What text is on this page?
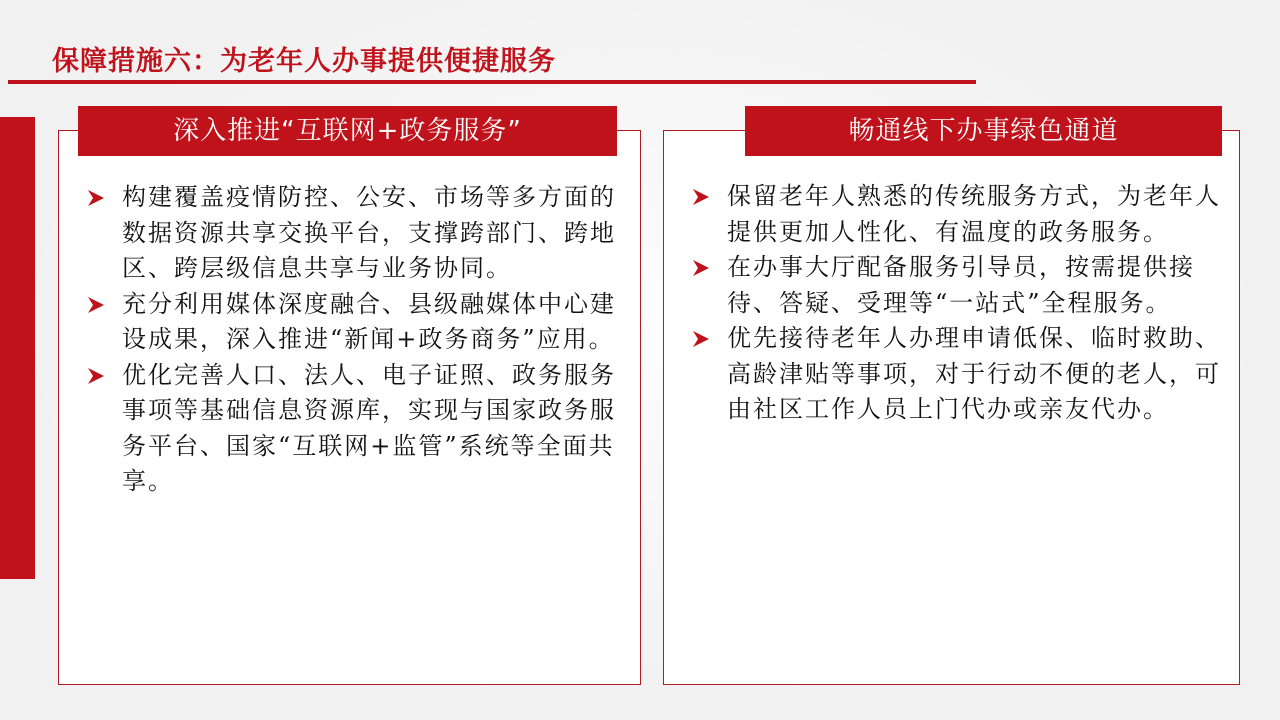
保障措施六：为老年人办事提供便捷服务
深入推进“互联网+政务服务”	畅通线下办事绿色通道
构建覆盖疫情防控、公安、市场等多方面的数据资源共享交换平台，支撑跨部门、跨地区、跨层级信息共享与业务协同。
充分利用媒体深度融合、县级融媒体中心建设成果，深入推进“新闻+政务商务”应用。
优化完善人口、法人、电子证照、政务服务事项等基础信息资源库，实现与国家政务服务平台、国家“互联网+监管”系统等全面共享。
保留老年人熟悉的传统服务方式，为老年人提供更加人性化、有温度的政务服务。
在办事大厅配备服务引导员，按需提供接待、答疑、受理等“一站式”全程服务。
优先接待老年人办理申请低保、临时救助、高龄津贴等事项，对于行动不便的老人，可由社区工作人员上门代办或亲友代办。
